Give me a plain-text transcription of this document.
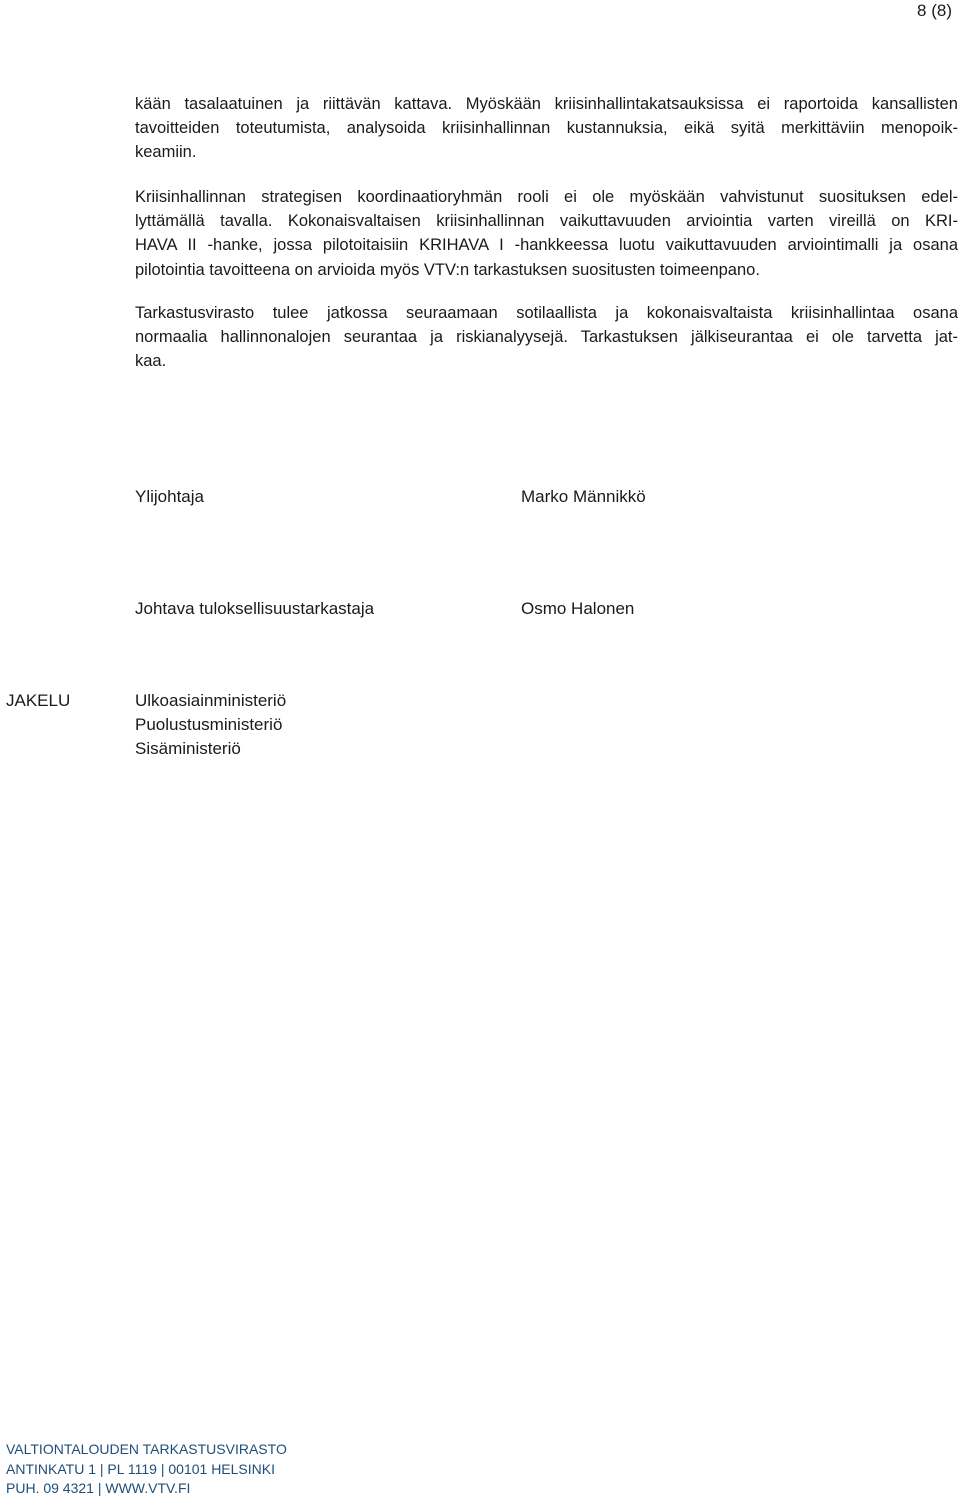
8 (8)
kään tasalaatuinen ja riittävän kattava. Myöskään kriisinhallintakatsauksissa ei raportoida kansallisten
tavoitteiden toteutumista, analysoida kriisinhallinnan kustannuksia, eikä syitä merkittäviin menopoik-
keamiin.
Kriisinhallinnan strategisen koordinaatioryhmän rooli ei ole myöskään vahvistunut suosituksen edel-
lyttämällä tavalla. Kokonaisvaltaisen kriisinhallinnan vaikuttavuuden arviointia varten vireillä on KRI-
HAVA II -hanke, jossa pilotoitaisiin KRIHAVA I -hankkeessa luotu vaikuttavuuden arviointimalli ja osana
pilotointia tavoitteena on arvioida myös VTV:n tarkastuksen suositusten toimeenpano.
Tarkastusvirasto tulee jatkossa seuraamaan sotilaallista ja kokonaisvaltaista kriisinhallintaa osana
normaalia hallinnonalojen seurantaa ja riskianalyysejä. Tarkastuksen jälkiseurantaa ei ole tarvetta jat-
kaa.
Ylijohtaja	Marko Männikkö
Johtava tuloksellisuustarkastaja	Osmo Halonen
JAKELU	Ulkoasiainministeriö
Puolustusministeriö
Sisäministeriö
VALTIONTALOUDEN TARKASTUSVIRASTO
ANTINKATU 1 | PL 1119 | 00101 HELSINKI
PUH. 09 4321 | WWW.VTV.FI
